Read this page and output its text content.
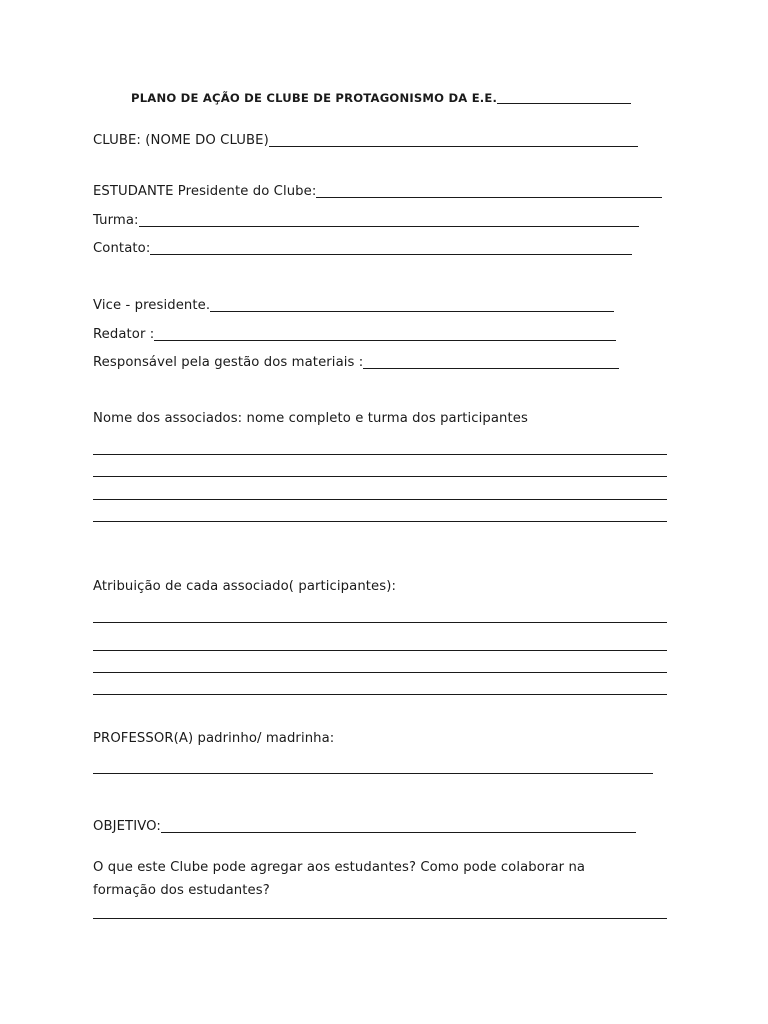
PLANO DE AÇÃO DE CLUBE DE PROTAGONISMO DA E.E.
CLUBE: (NOME DO CLUBE)
ESTUDANTE Presidente do Clube:
Turma:
Contato:
Vice - presidente.
Redator :
Responsável pela gestão dos materiais :
Nome dos associados: nome completo e turma dos participantes
Atribuição de cada associado( participantes):
PROFESSOR(A) padrinho/ madrinha:
OBJETIVO:
O que este Clube pode agregar aos estudantes? Como pode colaborar na
formação dos estudantes?
